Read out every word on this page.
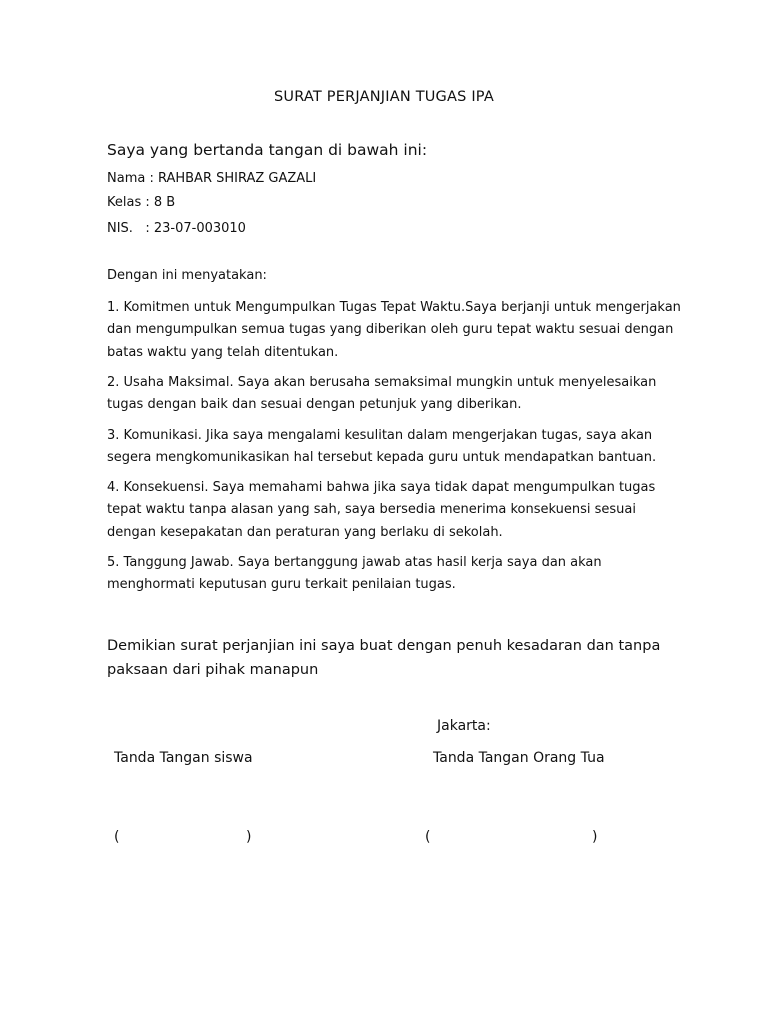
SURAT PERJANJIAN TUGAS IPA
Saya yang bertanda tangan di bawah ini:
Nama : RAHBAR SHIRAZ GAZALI
Kelas : 8 B
NIS.   : 23-07-003010
Dengan ini menyatakan:
1. Komitmen untuk Mengumpulkan Tugas Tepat Waktu.Saya berjanji untuk mengerjakan dan mengumpulkan semua tugas yang diberikan oleh guru tepat waktu sesuai dengan batas waktu yang telah ditentukan.
2. Usaha Maksimal. Saya akan berusaha semaksimal mungkin untuk menyelesaikan tugas dengan baik dan sesuai dengan petunjuk yang diberikan.
3. Komunikasi. Jika saya mengalami kesulitan dalam mengerjakan tugas, saya akan segera mengkomunikasikan hal tersebut kepada guru untuk mendapatkan bantuan.
4. Konsekuensi. Saya memahami bahwa jika saya tidak dapat mengumpulkan tugas tepat waktu tanpa alasan yang sah, saya bersedia menerima konsekuensi sesuai dengan kesepakatan dan peraturan yang berlaku di sekolah.
5. Tanggung Jawab. Saya bertanggung jawab atas hasil kerja saya dan akan menghormati keputusan guru terkait penilaian tugas.
Demikian surat perjanjian ini saya buat dengan penuh kesadaran dan tanpa paksaan dari pihak manapun
Jakarta:
Tanda Tangan siswa	Tanda Tangan Orang Tua
(	)	(	)
